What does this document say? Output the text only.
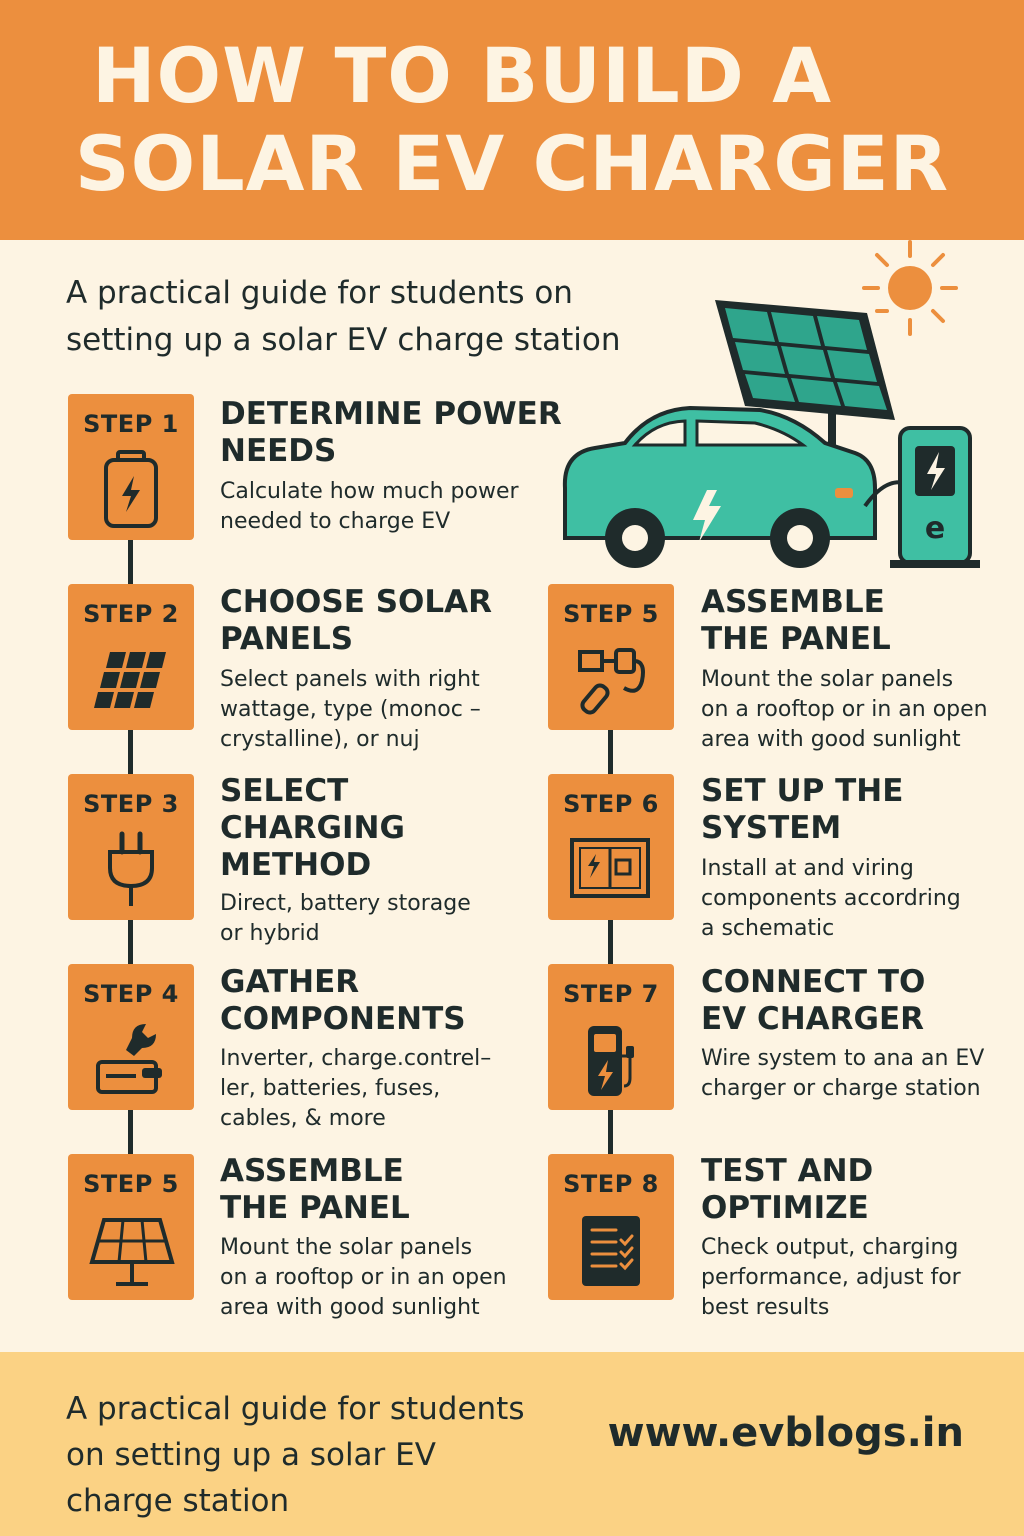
HOW TO BUILD A
SOLAR EV CHARGER
A practical guide for students on
setting up a solar EV charge station
e
STEP 1	DETERMINE POWER
NEEDS
Calculate how much power
needed to charge EV
STEP 2	CHOOSE SOLAR
PANELS
Select panels with right
wattage, type (monoc –
crystalline), or nuj
STEP 3	SELECT
CHARGING
METHOD
Direct, battery storage
or hybrid
STEP 4	GATHER
COMPONENTS
Inverter, charge.contrel–
ler, batteries, fuses,
cables, & more
STEP 5	ASSEMBLE
THE PANEL
Mount the solar panels
on a rooftop or in an open
area with good sunlight
STEP 5	ASSEMBLE
THE PANEL
Mount the solar panels
on a rooftop or in an open
area with good sunlight
STEP 6	SET UP THE
SYSTEM
Install at and viring
components accordring
a schematic
STEP 7	CONNECT TO
EV CHARGER
Wire system to ana an EV
charger or charge station
STEP 8	TEST AND
OPTIMIZE
Check output, charging
performance, adjust for
best results
A practical guide for students
on setting up a solar EV
charge station
www.evblogs.in
